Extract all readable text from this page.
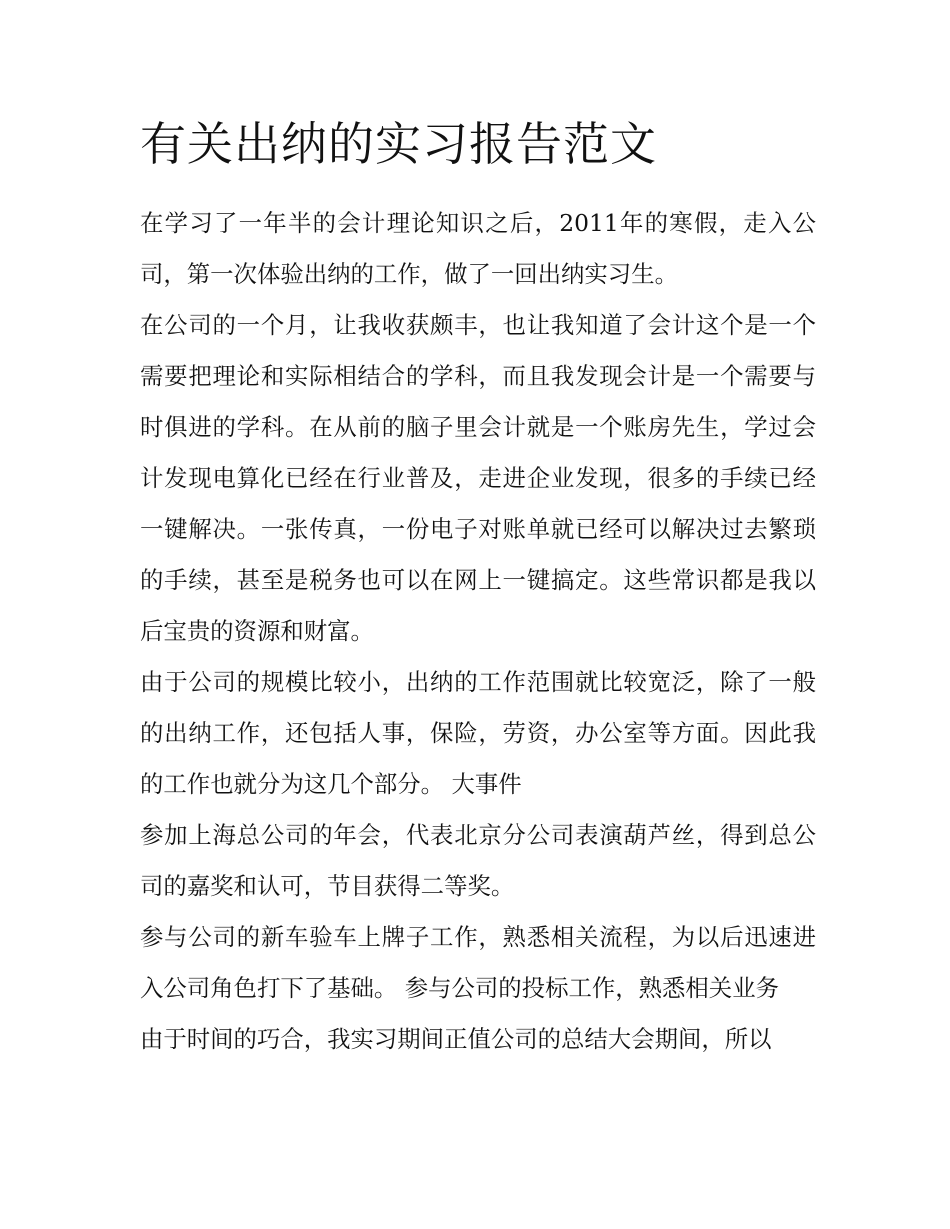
有关出纳的实习报告范文

在学习了一年半的会计理论知识之后，2011年的寒假，走入公司，第一次体验出纳的工作，做了一回出纳实习生。

在公司的一个月，让我收获颇丰，也让我知道了会计这个是一个需要把理论和实际相结合的学科，而且我发现会计是一个需要与时俱进的学科。在从前的脑子里会计就是一个账房先生，学过会计发现电算化已经在行业普及，走进企业发现，很多的手续已经一键解决。一张传真，一份电子对账单就已经可以解决过去繁琐的手续，甚至是税务也可以在网上一键搞定。这些常识都是我以后宝贵的资源和财富。

由于公司的规模比较小，出纳的工作范围就比较宽泛，除了一般的出纳工作，还包括人事，保险，劳资，办公室等方面。因此我的工作也就分为这几个部分。 大事件

参加上海总公司的年会，代表北京分公司表演葫芦丝，得到总公司的嘉奖和认可，节目获得二等奖。

参与公司的新车验车上牌子工作，熟悉相关流程，为以后迅速进入公司角色打下了基础。 参与公司的投标工作，熟悉相关业务

由于时间的巧合，我实习期间正值公司的总结大会期间，所以
